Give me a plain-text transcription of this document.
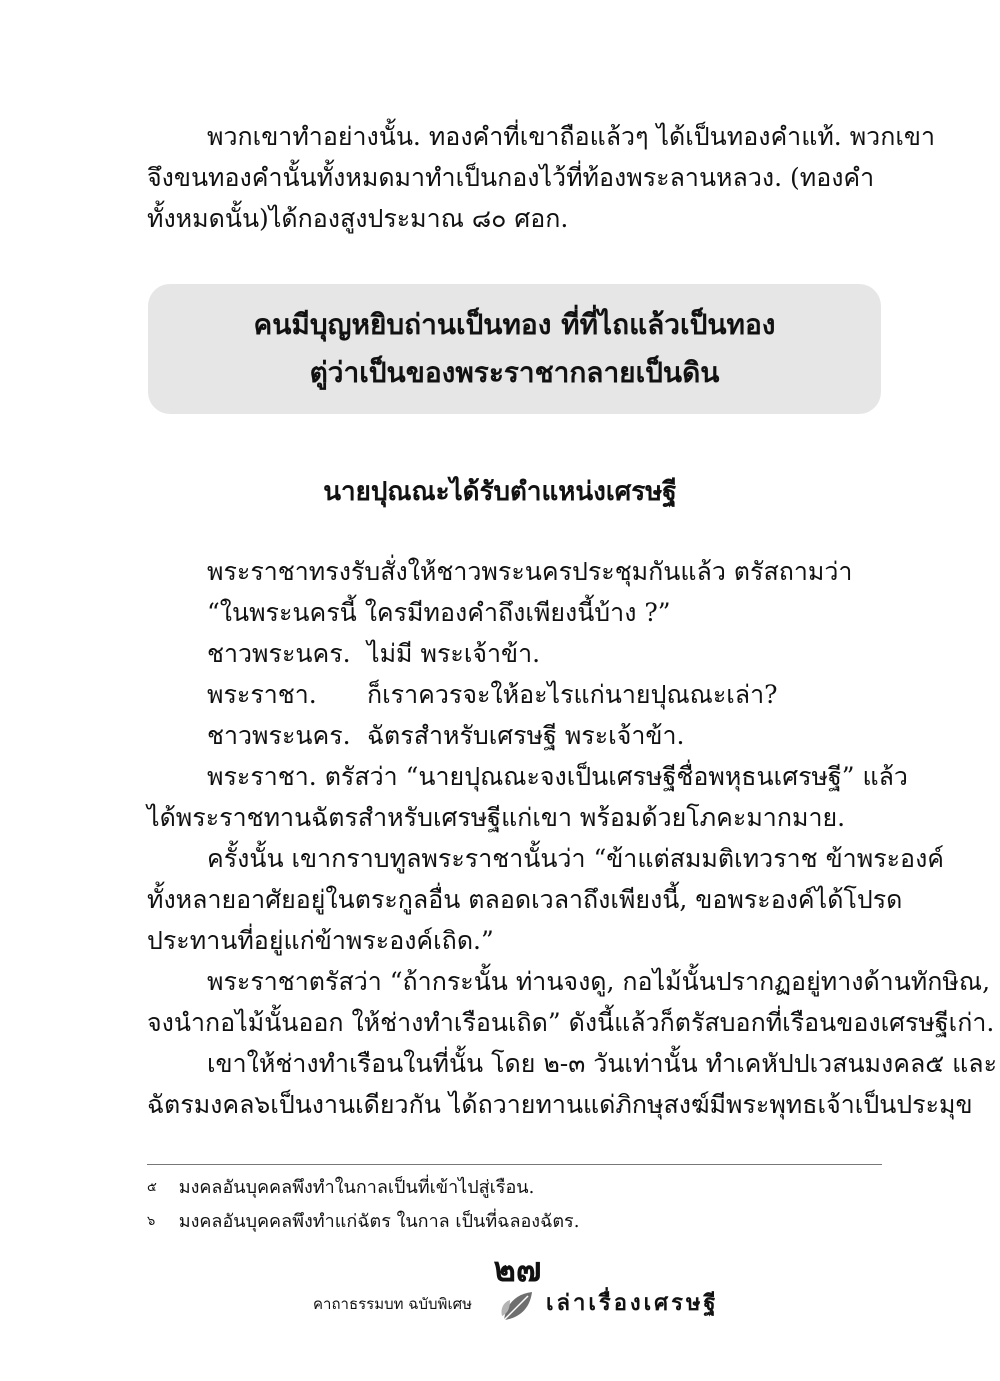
พวกเขาทำอย่างนั้น. ทองคำที่เขาถือแล้วๆ ได้เป็นทองคำแท้. พวกเขา
จึงขนทองคำนั้นทั้งหมดมาทำเป็นกองไว้ที่ท้องพระลานหลวง. (ทองคำ
ทั้งหมดนั้น)ได้กองสูงประมาณ ๘๐ ศอก.
คนมีบุญหยิบถ่านเป็นทอง ที่ที่ไถแล้วเป็นทอง
ตู่ว่าเป็นของพระราชากลายเป็นดิน
นายปุณณะได้รับตำแหน่งเศรษฐี
พระราชาทรงรับสั่งให้ชาวพระนครประชุมกันแล้ว ตรัสถามว่า
“ในพระนครนี้ ใครมีทองคำถึงเพียงนี้บ้าง ?”
ชาวพระนคร. ไม่มี พระเจ้าข้า.
พระราชา.	ก็เราควรจะให้อะไรแก่นายปุณณะเล่า?
ชาวพระนคร. ฉัตรสำหรับเศรษฐี พระเจ้าข้า.
พระราชา. ตรัสว่า “นายปุณณะจงเป็นเศรษฐีชื่อพหุธนเศรษฐี” แล้ว
ได้พระราชทานฉัตรสำหรับเศรษฐีแก่เขา พร้อมด้วยโภคะมากมาย.
ครั้งนั้น เขากราบทูลพระราชานั้นว่า “ข้าแต่สมมติเทวราช ข้าพระองค์
ทั้งหลายอาศัยอยู่ในตระกูลอื่น ตลอดเวลาถึงเพียงนี้, ขอพระองค์ได้โปรด
ประทานที่อยู่แก่ข้าพระองค์เถิด.”
พระราชาตรัสว่า “ถ้ากระนั้น ท่านจงดู, กอไม้นั้นปรากฏอยู่ทางด้านทักษิณ,
จงนำกอไม้นั้นออก ให้ช่างทำเรือนเถิด” ดังนี้แล้วก็ตรัสบอกที่เรือนของเศรษฐีเก่า.
เขาให้ช่างทำเรือนในที่นั้น โดย ๒-๓ วันเท่านั้น ทำเคหัปปเวสนมงคล๕ และ
ฉัตรมงคล๖เป็นงานเดียวกัน ได้ถวายทานแด่ภิกษุสงฆ์มีพระพุทธเจ้าเป็นประมุข
๕ มงคลอันบุคคลพึงทำในกาลเป็นที่เข้าไปสู่เรือน.
๖ มงคลอันบุคคลพึงทำแก่ฉัตร ในกาล เป็นที่ฉลองฉัตร.
๒๗
คาถาธรรมบท ฉบับพิเศษ	เล่าเรื่องเศรษฐี
